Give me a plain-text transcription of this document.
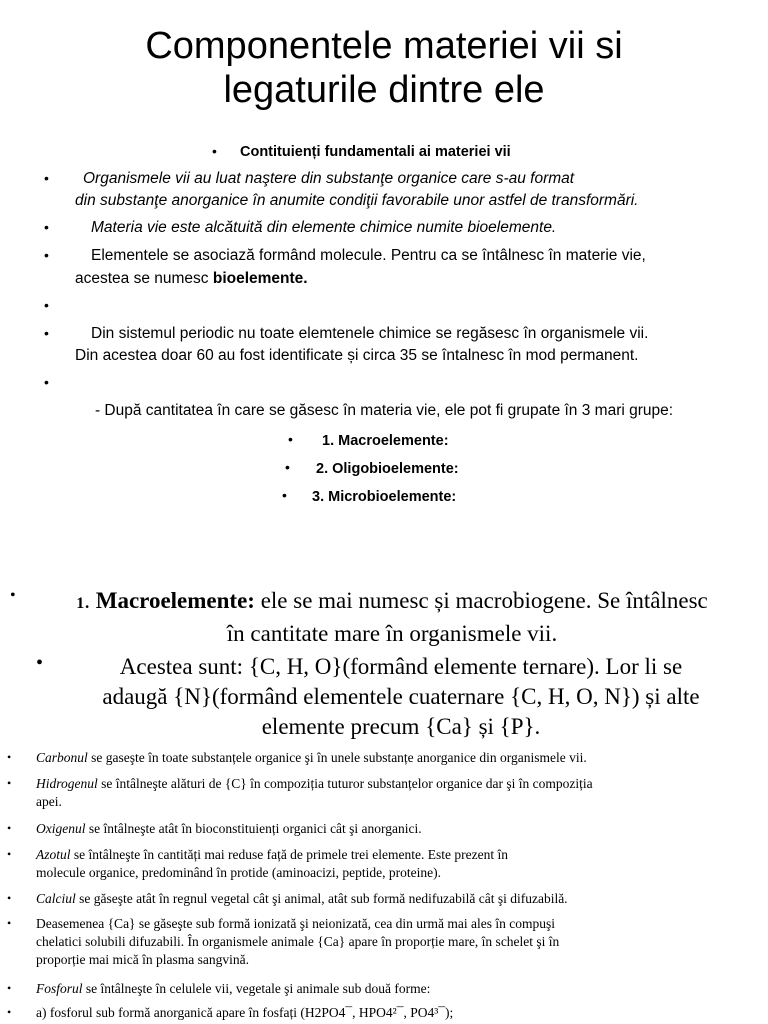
Componentele materiei vii si
legaturile dintre ele
• Contituienți fundamentali ai materiei vii
• Organismele vii au luat naştere din substanţe organice care s-au format
din substanţe anorganice în anumite condiţii favorabile unor astfel de transformări.
•	Materia vie este alcătuită din elemente chimice numite bioelemente.
•	Elementele se asociază formând molecule. Pentru ca se întâlnesc în materie vie,
acestea se numesc bioelemente.
•
•	Din sistemul periodic nu toate elemtenele chimice se regăsesc în organismele vii.
Din acestea doar 60 au fost identificate și circa 35 se întalnesc în mod permanent.
•
- După cantitatea în care se găsesc în materia vie, ele pot fi grupate în 3 mari grupe:
• 1. Macroelemente:
• 2. Oligobioelemente:
• 3. Microbioelemente:
•	1. Macroelemente: ele se mai numesc și macrobiogene. Se întâlnesc
în cantitate mare în organismele vii.
•	Acestea sunt: {C, H, O}(formând elemente ternare). Lor li se
adaugă {N}(formând elementele cuaternare {C, H, O, N}) și alte
elemente precum {Ca} și {P}.
• Carbonul se gaseşte în toate substanțele organice şi în unele substanțe anorganice din organismele vii.
• Hidrogenul se întâlneşte alături de {C} în compoziția tuturor substanțelor organice dar şi în compoziția
apei.
• Oxigenul se întâlneşte atât în bioconstituienți organici cât şi anorganici.
• Azotul se întâlneşte în cantități mai reduse față de primele trei elemente. Este prezent în
molecule organice, predominând în protide (aminoacizi, peptide, proteine).
• Calciul se găseşte atât în regnul vegetal cât şi animal, atât sub formă nedifuzabilă cât şi difuzabilă.
• Deasemenea {Ca} se găseşte sub formă ionizată şi neionizată, cea din urmă mai ales în compuşi
chelatici solubili difuzabili. În organismele animale {Ca} apare în proporție mare, în schelet şi în
proporție mai mică în plasma sangvină.
• Fosforul se întâlneşte în celulele vii, vegetale şi animale sub două forme:
• a) fosforul sub formă anorganică apare în fosfați (H2PO4¯, HPO4²¯, PO4³¯);
